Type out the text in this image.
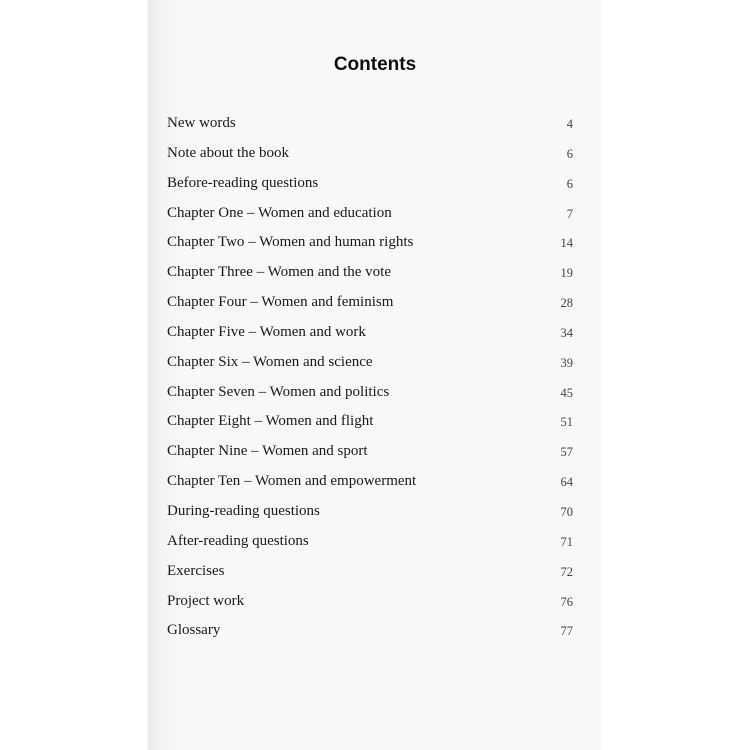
Contents
New words	4
Note about the book	6
Before-reading questions	6
Chapter One – Women and education	7
Chapter Two – Women and human rights	14
Chapter Three – Women and the vote	19
Chapter Four – Women and feminism	28
Chapter Five – Women and work	34
Chapter Six – Women and science	39
Chapter Seven – Women and politics	45
Chapter Eight – Women and flight	51
Chapter Nine – Women and sport	57
Chapter Ten – Women and empowerment	64
During-reading questions	70
After-reading questions	71
Exercises	72
Project work	76
Glossary	77
